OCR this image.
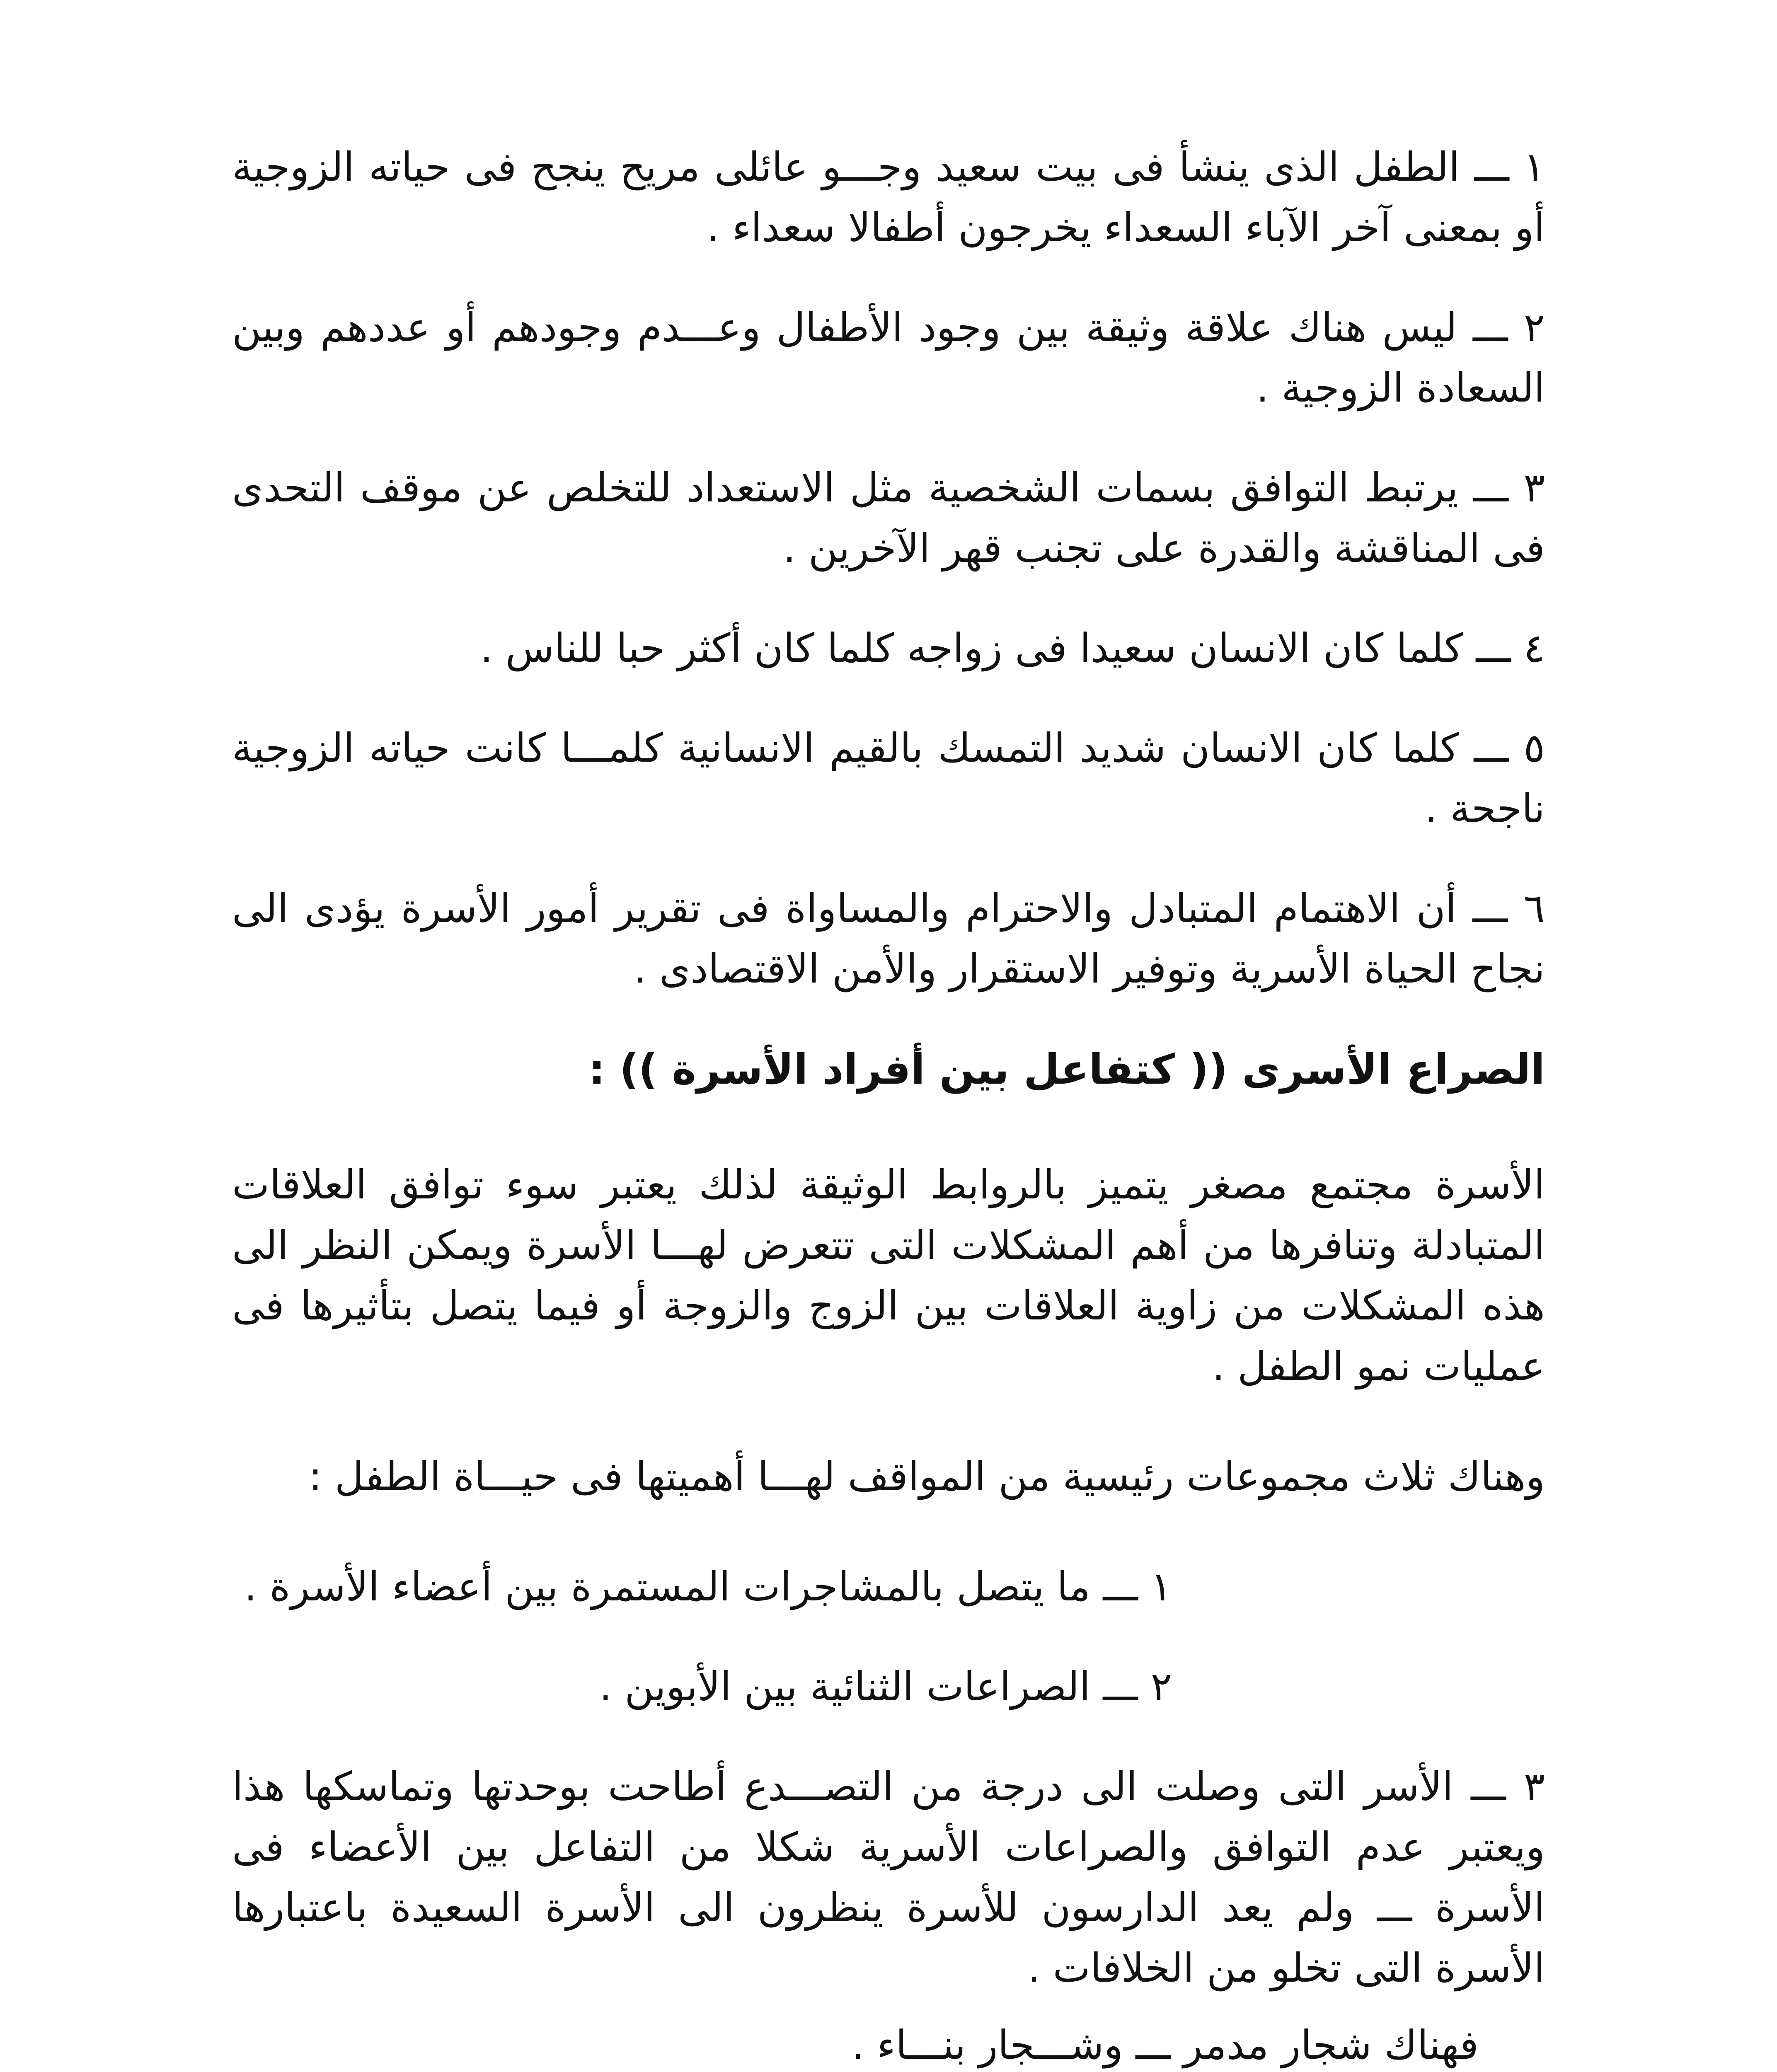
١ ـــ الطفل الذى ينشأ فى بيت سعيد وجـــو عائلى مريح ينجح فى حياته الزوجية أو بمعنى آخر الآباء السعداء يخرجون أطفالا سعداء .

٢ ـــ ليس هناك علاقة وثيقة بين وجود الأطفال وعـــدم وجودهم أو عددهم وبين السعادة الزوجية .

٣ ـــ يرتبط التوافق بسمات الشخصية مثل الاستعداد للتخلص عن موقف التحدى فى المناقشة والقدرة على تجنب قهر الآخرين .

٤ ـــ كلما كان الانسان سعيدا فى زواجه كلما كان أكثر حبا للناس .

٥ ـــ كلما كان الانسان شديد التمسك بالقيم الانسانية كلمـــا كانت حياته الزوجية ناجحة .

٦ ـــ أن الاهتمام المتبادل والاحترام والمساواة فى تقرير أمور الأسرة يؤدى الى نجاح الحياة الأسرية وتوفير الاستقرار والأمن الاقتصادى .

الصراع الأسرى (( كتفاعل بين أفراد الأسرة )) :

الأسرة مجتمع مصغر يتميز بالروابط الوثيقة لذلك يعتبر سوء توافق العلاقات المتبادلة وتنافرها من أهم المشكلات التى تتعرض لهـــا الأسرة ويمكن النظر الى هذه المشكلات من زاوية العلاقات بين الزوج والزوجة أو فيما يتصل بتأثيرها فى عمليات نمو الطفل .

وهناك ثلاث مجموعات رئيسية من المواقف لهـــا أهميتها فى حيـــاة الطفل :

١ ـــ ما يتصل بالمشاجرات المستمرة بين أعضاء الأسرة .

٢ ـــ الصراعات الثنائية بين الأبوين .

٣ ـــ الأسر التى وصلت الى درجة من التصـــدع أطاحت بوحدتها وتماسكها هذا ويعتبر عدم التوافق والصراعات الأسرية شكلا من التفاعل بين الأعضاء فى الأسرة ـــ ولم يعد الدارسون للأسرة ينظرون الى الأسرة السعيدة باعتبارها الأسرة التى تخلو من الخلافات .

فهناك شجار مدمر ـــ وشـــجار بنـــاء .
